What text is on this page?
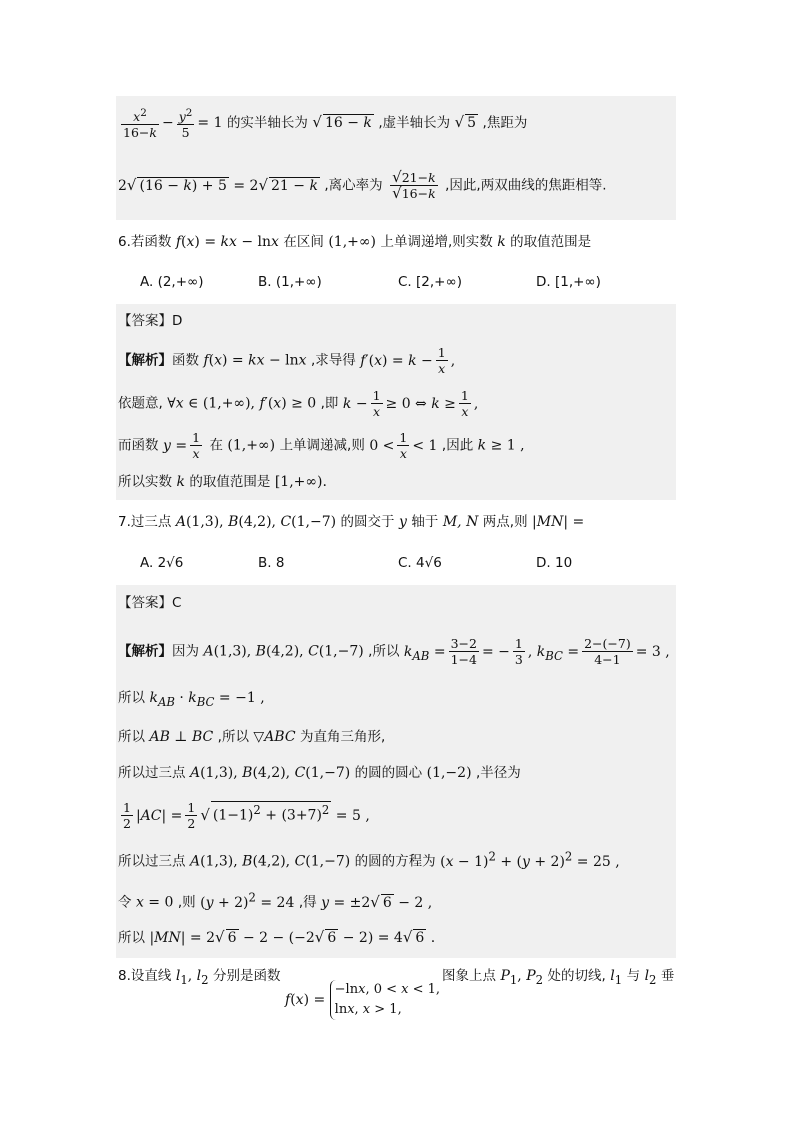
$\frac{x^2}{16-k} - \frac{y^2}{5} = 1$ 的实半轴长为 √ 16 − k ,虚半轴长为 √ 5 ,焦距为
2√ (16 − k) + 5 = 2√ 21 − k ,离心率为 $\frac{√21-k}{√16-k}$ ,因此,两双曲线的焦距相等.
6.若函数 f(x) = kx − lnx 在区间 (1,+∞) 上单调递增,则实数 k 的取值范围是
A. (2,+∞)	B. (1,+∞)	C. [2,+∞)	D. [1,+∞)
【答案】D
【解析】函数 f(x) = kx − lnx ,求导得 $f'(x) = k - \frac{1}{x}$ ,
依题意, ∀x ∈ (1,+∞), f′(x) ≥ 0 ,即 $k - \frac{1}{x} \ge 0$ ⇔ $k \ge \frac{1}{x}$ ,
而函数 $y = \frac{1}{x}$ 在 (1,+∞) 上单调递减,则 $0 < \frac{1}{x} < 1$ ,因此 k ≥ 1 ,
所以实数 k 的取值范围是 [1,+∞).
7.过三点 A(1,3), B(4,2), C(1,−7) 的圆交于 y 轴于 M, N 两点,则 |MN| =
A. 2√6	B. 8	C. 4√6	D. 10
【答案】C
【解析】因为 A(1,3), B(4,2), C(1,−7) ,所以 $k_{AB} = \frac{3-2}{1-4}$ = − $\frac{1}{3}$ , $k_{BC} = \frac{2-(-7)}{4-1} = 3$ ,
所以 $k_{AB} \cdot k_{BC} = -1$ ,
所以 AB ⊥ BC ,所以 ▽ABC 为直角三角形,
所以过三点 A(1,3), B(4,2), C(1,−7) 的圆的圆心 (1,−2) ,半径为
$\frac{1}{2} |AC| = \frac{1}{2}$ √ $(1-1)^2 + (3+7)^2 = 5$ ,
所以过三点 A(1,3), B(4,2), C(1,−7) 的圆的方程为 $(x - 1)^2 + (y + 2)^2 = 25$ ,
令 x = 0 ,则 $(y + 2)^2 = 24$ ,得 y = ±2√ 6 − 2 ,
所以 |MN| = 2√ 6 − 2 − (−2√ 6 − 2) = 4√ 6 .
8.设直线 $l_1$, $l_2$ 分别是函数
f(x) = −lnx, 0 < x < 1,
lnx, x > 1,
图象上点 $P_1$, $P_2$ 处的切线, $l_1$ 与 $l_2$ 垂
